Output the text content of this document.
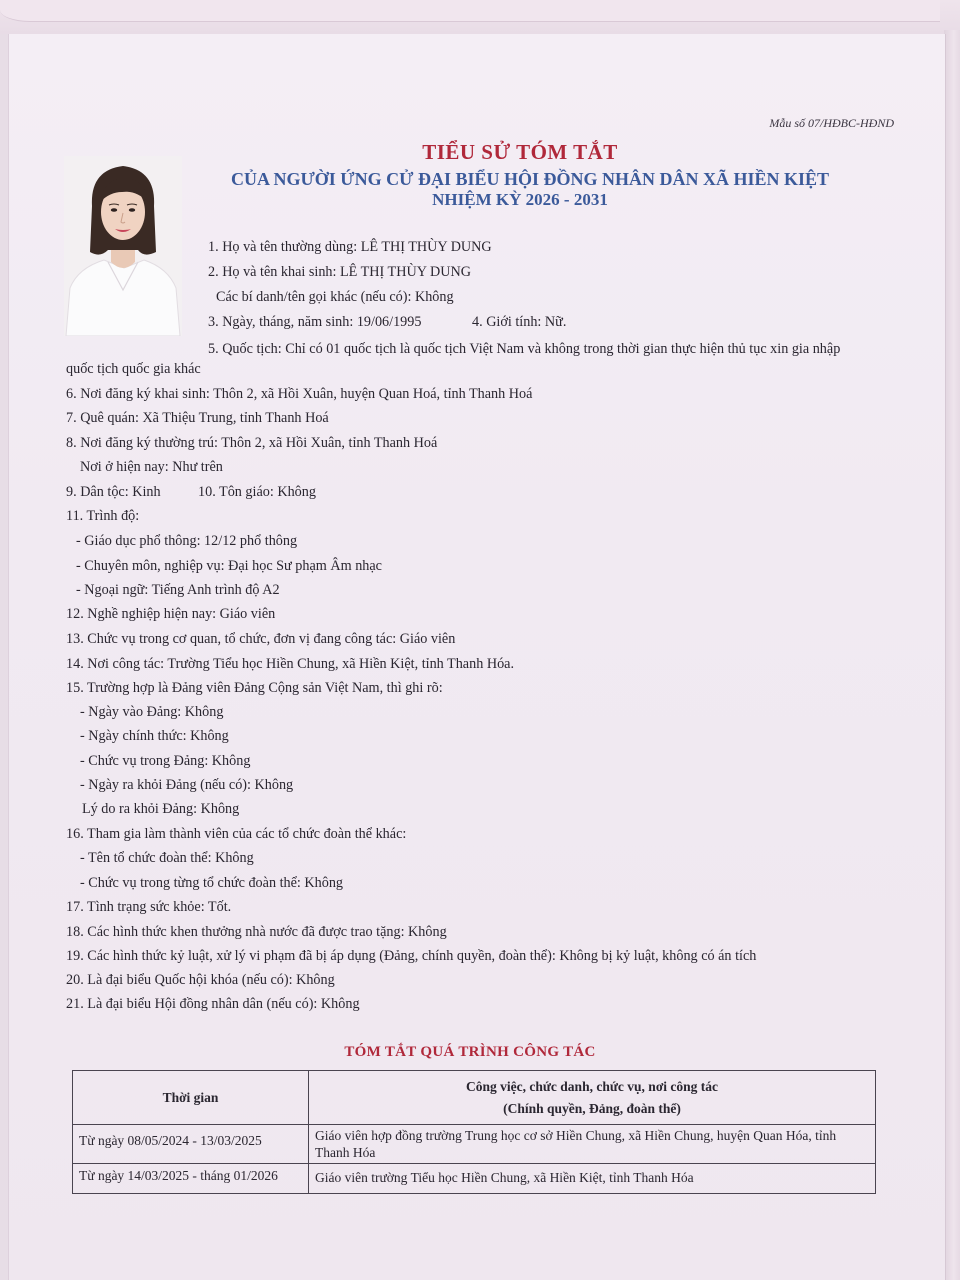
Mẫu số 07/HĐBC-HĐND
TIỂU SỬ TÓM TẮT
CỦA NGƯỜI ỨNG CỬ ĐẠI BIỂU HỘI ĐỒNG NHÂN DÂN XÃ HIỀN KIỆT
NHIỆM KỲ 2026 - 2031
1. Họ và tên thường dùng: LÊ THỊ THÙY DUNG
2. Họ và tên khai sinh: LÊ THỊ THÙY DUNG
Các bí danh/tên gọi khác (nếu có): Không
3. Ngày, tháng, năm sinh: 19/06/1995	4. Giới tính: Nữ.
5. Quốc tịch: Chỉ có 01 quốc tịch là quốc tịch Việt Nam và không trong thời gian thực hiện thủ tục xin gia nhập
quốc tịch quốc gia khác
6. Nơi đăng ký khai sinh: Thôn 2, xã Hồi Xuân, huyện Quan Hoá, tỉnh Thanh Hoá
7. Quê quán: Xã Thiệu Trung, tỉnh Thanh Hoá
8. Nơi đăng ký thường trú: Thôn 2, xã Hồi Xuân, tỉnh Thanh Hoá
Nơi ở hiện nay: Như trên
9. Dân tộc: Kinh	10. Tôn giáo: Không
11. Trình độ:
- Giáo dục phổ thông: 12/12 phổ thông
- Chuyên môn, nghiệp vụ: Đại học Sư phạm Âm nhạc
- Ngoại ngữ: Tiếng Anh trình độ A2
12. Nghề nghiệp hiện nay: Giáo viên
13. Chức vụ trong cơ quan, tổ chức, đơn vị đang công tác: Giáo viên
14. Nơi công tác: Trường Tiểu học Hiền Chung, xã Hiền Kiệt, tỉnh Thanh Hóa.
15. Trường hợp là Đảng viên Đảng Cộng sản Việt Nam, thì ghi rõ:
- Ngày vào Đảng: Không
- Ngày chính thức: Không
- Chức vụ trong Đảng: Không
- Ngày ra khỏi Đảng (nếu có): Không
Lý do ra khỏi Đảng: Không
16. Tham gia làm thành viên của các tổ chức đoàn thể khác:
- Tên tổ chức đoàn thể: Không
- Chức vụ trong từng tổ chức đoàn thể: Không
17. Tình trạng sức khỏe: Tốt.
18. Các hình thức khen thưởng nhà nước đã được trao tặng: Không
19. Các hình thức kỷ luật, xử lý vi phạm đã bị áp dụng (Đảng, chính quyền, đoàn thể): Không bị kỷ luật, không có án tích
20. Là đại biểu Quốc hội khóa (nếu có): Không
21. Là đại biểu Hội đồng nhân dân (nếu có): Không
TÓM TẮT QUÁ TRÌNH CÔNG TÁC
Thời gian	Công việc, chức danh, chức vụ, nơi công tác
(Chính quyền, Đảng, đoàn thể)

Từ ngày 08/05/2024 - 13/03/2025	Giáo viên hợp đồng trường Trung học cơ sở Hiền Chung, xã Hiền Chung, huyện Quan Hóa, tỉnh Thanh Hóa
Từ ngày 14/03/2025 - tháng 01/2026	Giáo viên trường Tiểu học Hiền Chung, xã Hiền Kiệt, tỉnh Thanh Hóa
